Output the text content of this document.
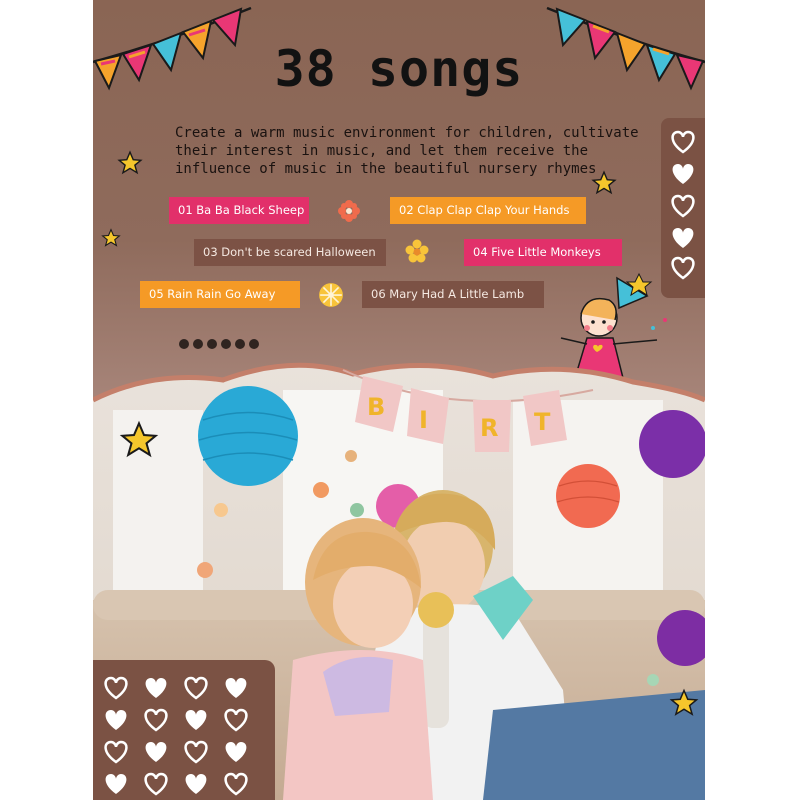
38 songs
Create a warm music environment for children, cultivate their interest in music, and let them receive the influence of music in the beautiful nursery rhymes
01 Ba Ba Black Sheep	02 Clap Clap Clap Your Hands
03 Don't be scared Halloween	04 Five Little Monkeys
05 Rain Rain Go Away	06 Mary Had A Little Lamb
B I R T
